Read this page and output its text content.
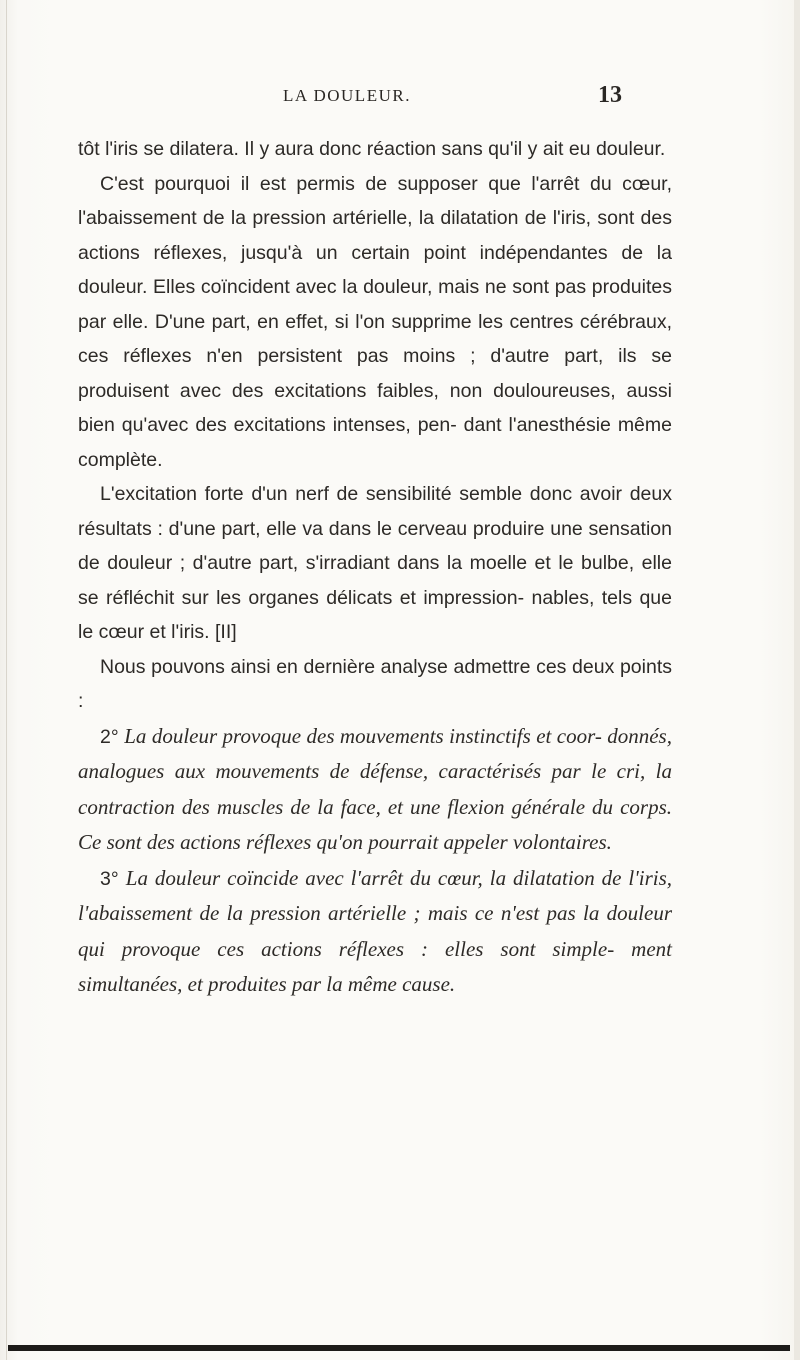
LA DOULEUR.	13

tôt l'iris se dilatera. Il y aura donc réaction sans qu'il y ait eu douleur.

C'est pourquoi il est permis de supposer que l'arrêt du cœur, l'abaissement de la pression artérielle, la dilatation de l'iris, sont des actions réflexes, jusqu'à un certain point indépendantes de la douleur. Elles coïncident avec la douleur, mais ne sont pas produites par elle. D'une part, en effet, si l'on supprime les centres cérébraux, ces réflexes n'en persistent pas moins ; d'autre part, ils se produisent avec des excitations faibles, non douloureuses, aussi bien qu'avec des excitations intenses, pen- dant l'anesthésie même complète.

L'excitation forte d'un nerf de sensibilité semble donc avoir deux résultats : d'une part, elle va dans le cerveau produire une sensation de douleur ; d'autre part, s'irradiant dans la moelle et le bulbe, elle se réfléchit sur les organes délicats et impression- nables, tels que le cœur et l'iris. [II]

Nous pouvons ainsi en dernière analyse admettre ces deux points :

2° La douleur provoque des mouvements instinctifs et coor- donnés, analogues aux mouvements de défense, caractérisés par le cri, la contraction des muscles de la face, et une flexion générale du corps. Ce sont des actions réflexes qu'on pourrait appeler volontaires.

3° La douleur coïncide avec l'arrêt du cœur, la dilatation de l'iris, l'abaissement de la pression artérielle ; mais ce n'est pas la douleur qui provoque ces actions réflexes : elles sont simple- ment simultanées, et produites par la même cause.
